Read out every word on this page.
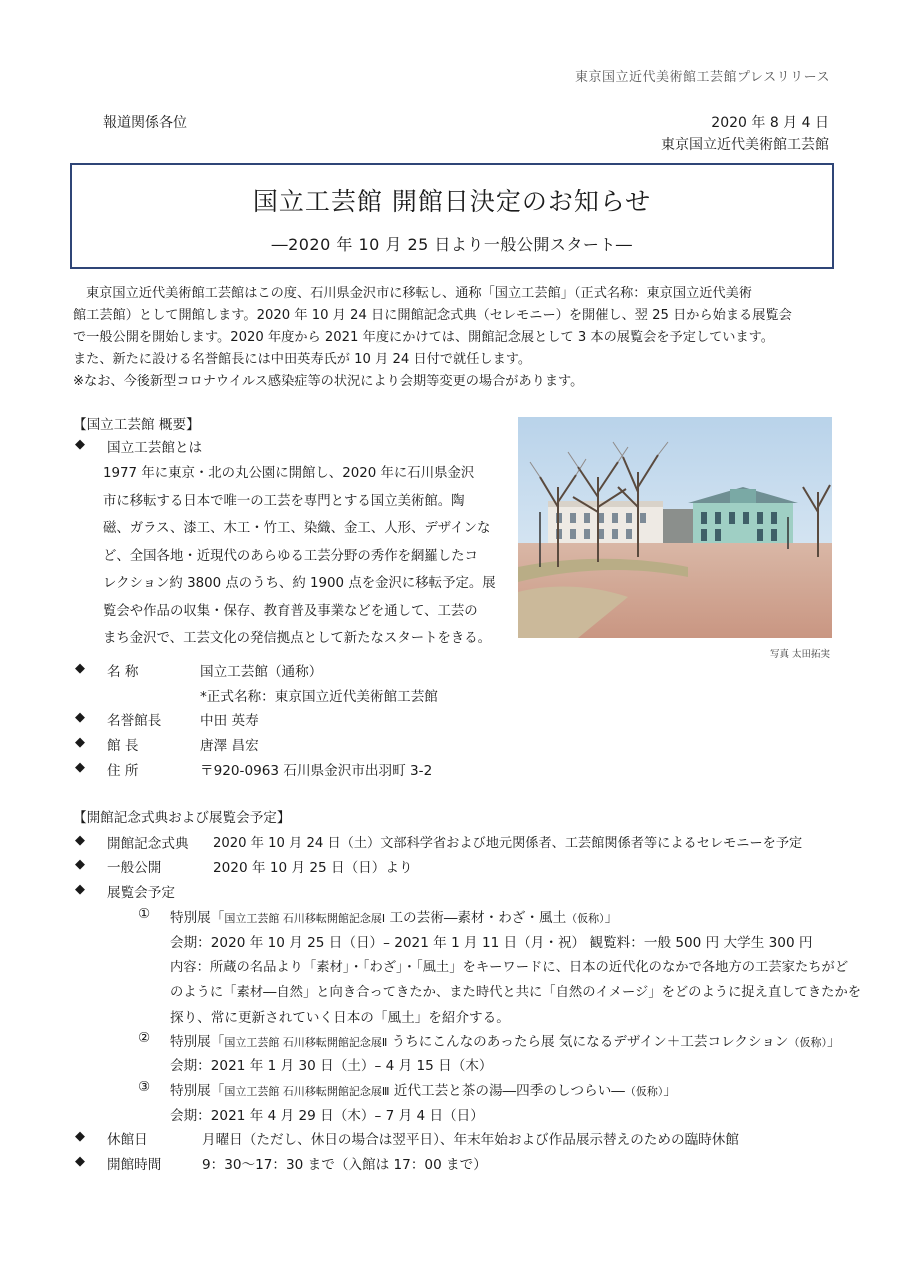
東京国立近代美術館工芸館プレスリリース
報道関係各位	2020 年 8 月 4 日
東京国立近代美術館工芸館
国立工芸館 開館日決定のお知らせ
―2020 年 10 月 25 日より一般公開スタート―

東京国立近代美術館工芸館はこの度、石川県金沢市に移転し、通称「国立工芸館」（正式名称：東京国立近代美術

館工芸館）として開館します。2020 年 10 月 24 日に開館記念式典（セレモニー）を開催し、翌 25 日から始まる展覧会

で一般公開を開始します。2020 年度から 2021 年度にかけては、開館記念展として 3 本の展覧会を予定しています。

また、新たに設ける名誉館長には中田英寿氏が 10 月 24 日付で就任します。

※なお、今後新型コロナウイルス感染症等の状況により会期等変更の場合があります。

【国立工芸館 概要】
◆ 国立工芸館とは
1977 年に東京・北の丸公園に開館し、2020 年に石川県金沢
市に移転する日本で唯一の工芸を専門とする国立美術館。陶
磁、ガラス、漆工、木工・竹工、染織、金工、人形、デザインな
ど、全国各地・近現代のあらゆる工芸分野の秀作を網羅したコ
レクション約 3800 点のうち、約 1900 点を金沢に移転予定。展
覧会や作品の収集・保存、教育普及事業などを通して、工芸の
まち金沢で、工芸文化の発信拠点として新たなスタートをきる。
写真 太田拓実
◆ 名 称	国立工芸館（通称）
*正式名称：東京国立近代美術館工芸館
◆ 名誉館長	中田 英寿
◆ 館 長	唐澤 昌宏
◆ 住 所	〒920-0963 石川県金沢市出羽町 3-2
【開館記念式典および展覧会予定】
◆ 開館記念式典 2020 年 10 月 24 日（土）文部科学省および地元関係者、工芸館関係者等によるセレモニーを予定
◆ 一般公開	2020 年 10 月 25 日（日）より
◆ 展覧会予定
① 特別展「国立工芸館 石川移転開館記念展Ⅰ 工の芸術―素材・わざ・風土（仮称）」
会期：2020 年 10 月 25 日（日）– 2021 年 1 月 11 日（月・祝） 観覧料：一般 500 円 大学生 300 円
内容：所蔵の名品より「素材」・「わざ」・「風土」をキーワードに、日本の近代化のなかで各地方の工芸家たちがど
のように「素材―自然」と向き合ってきたか、また時代と共に「自然のイメージ」をどのように捉え直してきたかを
探り、常に更新されていく日本の「風土」を紹介する。
② 特別展「国立工芸館 石川移転開館記念展Ⅱ うちにこんなのあったら展 気になるデザイン＋工芸コレクション（仮称）」
会期：2021 年 1 月 30 日（土）– 4 月 15 日（木）
③ 特別展「国立工芸館 石川移転開館記念展Ⅲ 近代工芸と茶の湯―四季のしつらい―（仮称）」
会期：2021 年 4 月 29 日（木）– 7 月 4 日（日）
◆ 休館日	月曜日（ただし、休日の場合は翌平日）、年末年始および作品展示替えのための臨時休館
◆ 開館時間	9：30〜17：30 まで（入館は 17：00 まで）
